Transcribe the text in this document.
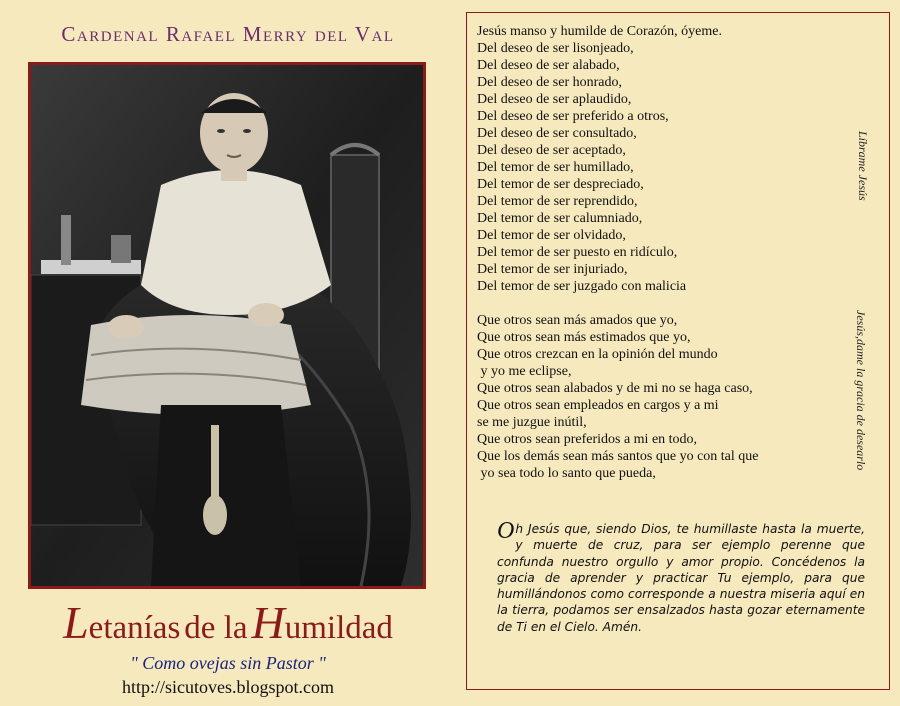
Cardenal Rafael Merry del Val
Letanías de la Humildad
" Como ovejas sin Pastor "
http://sicutoves.blogspot.com
Jesús manso y humilde de Corazón, óyeme.
Del deseo de ser lisonjeado,
Del deseo de ser alabado,
Del deseo de ser honrado,
Del deseo de ser aplaudido,
Del deseo de ser preferido a otros,
Del deseo de ser consultado,
Del deseo de ser aceptado,
Del temor de ser humillado,
Del temor de ser despreciado,
Del temor de ser reprendido,
Del temor de ser calumniado,
Del temor de ser olvidado,
Del temor de ser puesto en ridículo,
Del temor de ser injuriado,
Del temor de ser juzgado con malicia
Que otros sean más amados que yo,
Que otros sean más estimados que yo,
Que otros crezcan en la opinión del mundo
y yo me eclipse,
Que otros sean alabados y de mi no se haga caso,
Que otros sean empleados en cargos y a mi
se me juzgue inútil,
Que otros sean preferidos a mi en todo,
Que los demás sean más santos que yo con tal que
yo sea todo lo santo que pueda,
Líbrame Jesús
Jesús,dame la gracia de desearlo
Oh Jesús que, siendo Dios, te humillaste hasta la muerte, y muerte de cruz, para ser ejemplo perenne que confunda nuestro orgullo y amor propio. Concédenos la gracia de aprender y practicar Tu ejemplo, para que humillándonos como corresponde a nuestra miseria aquí en la tierra, podamos ser ensalzados hasta gozar eternamente de Ti en el Cielo. Amén.
